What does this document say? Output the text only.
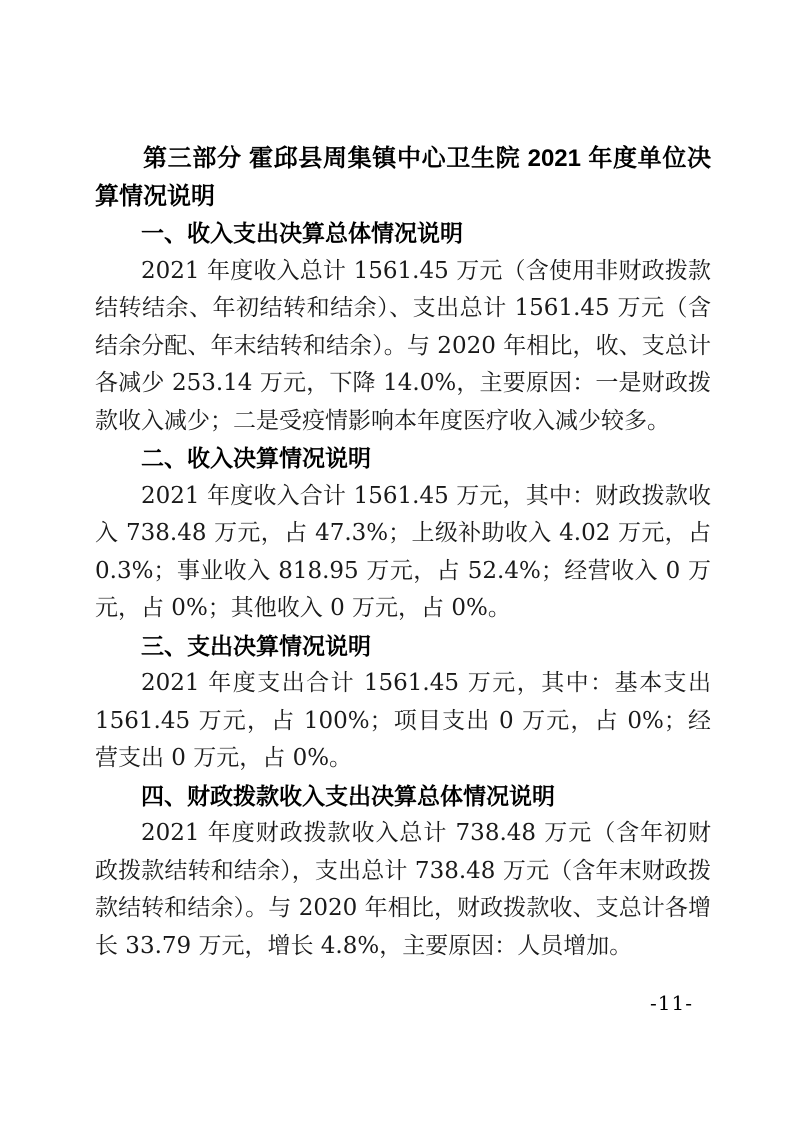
第三部分 霍邱县周集镇中心卫生院 2021 年度单位决算情况说明
一、收入支出决算总体情况说明

2021 年度收入总计 1561.45 万元（含使用非财政拨款结转结余、年初结转和结余）、支出总计 1561.45 万元（含结余分配、年末结转和结余）。与 2020 年相比，收、支总计各减少 253.14 万元，下降 14.0%，主要原因：一是财政拨款收入减少；二是受疫情影响本年度医疗收入减少较多。

二、收入决算情况说明

2021 年度收入合计 1561.45 万元，其中：财政拨款收入 738.48 万元，占 47.3%；上级补助收入 4.02 万元，占 0.3%；事业收入 818.95 万元，占 52.4%；经营收入 0 万元，占 0%；其他收入 0 万元，占 0%。

三、支出决算情况说明

2021 年度支出合计 1561.45 万元，其中：基本支出 1561.45 万元，占 100%；项目支出 0 万元，占 0%；经营支出 0 万元，占 0%。

四、财政拨款收入支出决算总体情况说明

2021 年度财政拨款收入总计 738.48 万元（含年初财政拨款结转和结余），支出总计 738.48 万元（含年末财政拨款结转和结余）。与 2020 年相比，财政拨款收、支总计各增长 33.79 万元，增长 4.8%，主要原因：人员增加。

-11-
